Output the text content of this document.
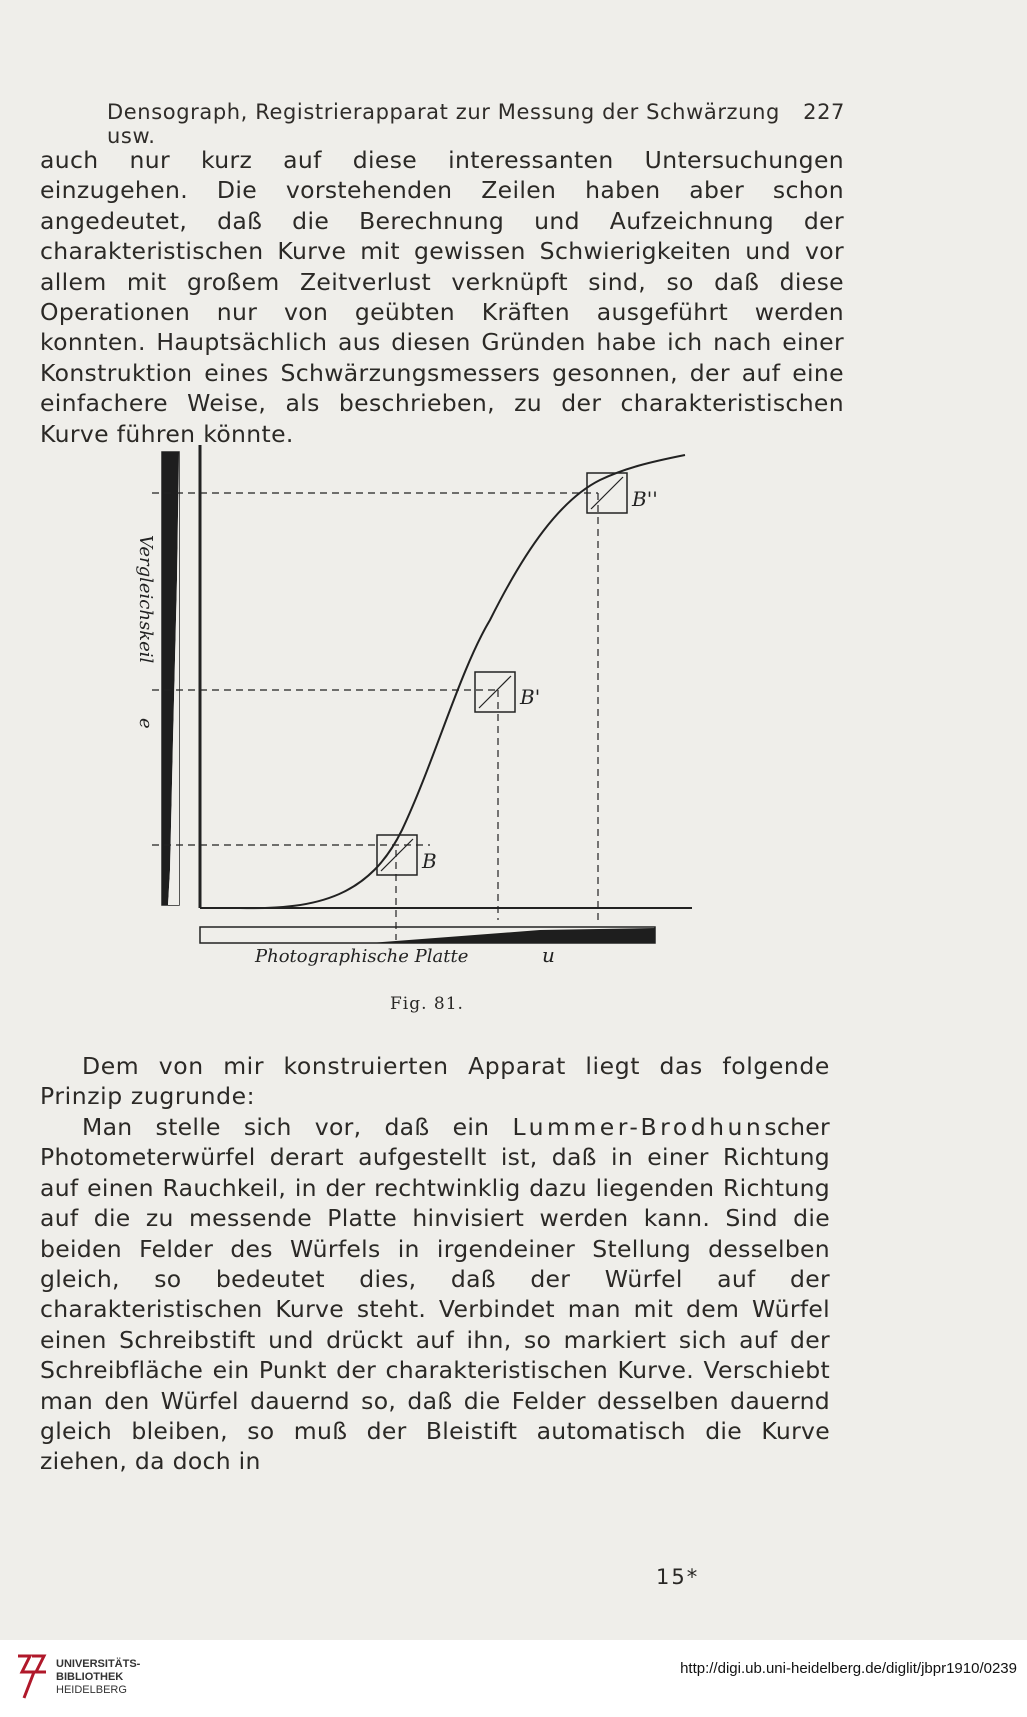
Densograph, Registrierapparat zur Messung der Schwärzung usw.
227
auch nur kurz auf diese interessanten Untersuchungen einzugehen. Die vorstehenden Zeilen haben aber schon angedeutet, daß die Berechnung und Aufzeichnung der charakteristischen Kurve mit gewissen Schwierigkeiten und vor allem mit großem Zeitverlust verknüpft sind, so daß diese Operationen nur von geübten Kräften ausgeführt werden konnten. Hauptsächlich aus diesen Gründen habe ich nach einer Konstruktion eines Schwärzungsmessers gesonnen, der auf eine einfachere Weise, als beschrieben, zu der charakteristischen Kurve führen könnte.
B
B'
B''
Vergleichskeil
e
Photographische Platte	u
Fig. 81.
Dem von mir konstruierten Apparat liegt das folgende Prinzip zugrunde:
Man stelle sich vor, daß ein Lummer-Brodhunscher Photometerwürfel derart aufgestellt ist, daß in einer Richtung auf einen Rauchkeil, in der rechtwinklig dazu liegenden Richtung auf die zu messende Platte hinvisiert werden kann. Sind die beiden Felder des Würfels in irgendeiner Stellung desselben gleich, so bedeutet dies, daß der Würfel auf der charakteristischen Kurve steht. Verbindet man mit dem Würfel einen Schreibstift und drückt auf ihn, so markiert sich auf der Schreibfläche ein Punkt der charakteristischen Kurve. Verschiebt man den Würfel dauernd so, daß die Felder desselben dauernd gleich bleiben, so muß der Bleistift automatisch die Kurve ziehen, da doch in
15*
UNIVERSITÄTS-
BIBLIOTHEK
HEIDELBERG
http://digi.ub.uni-heidelberg.de/diglit/jbpr1910/0239
